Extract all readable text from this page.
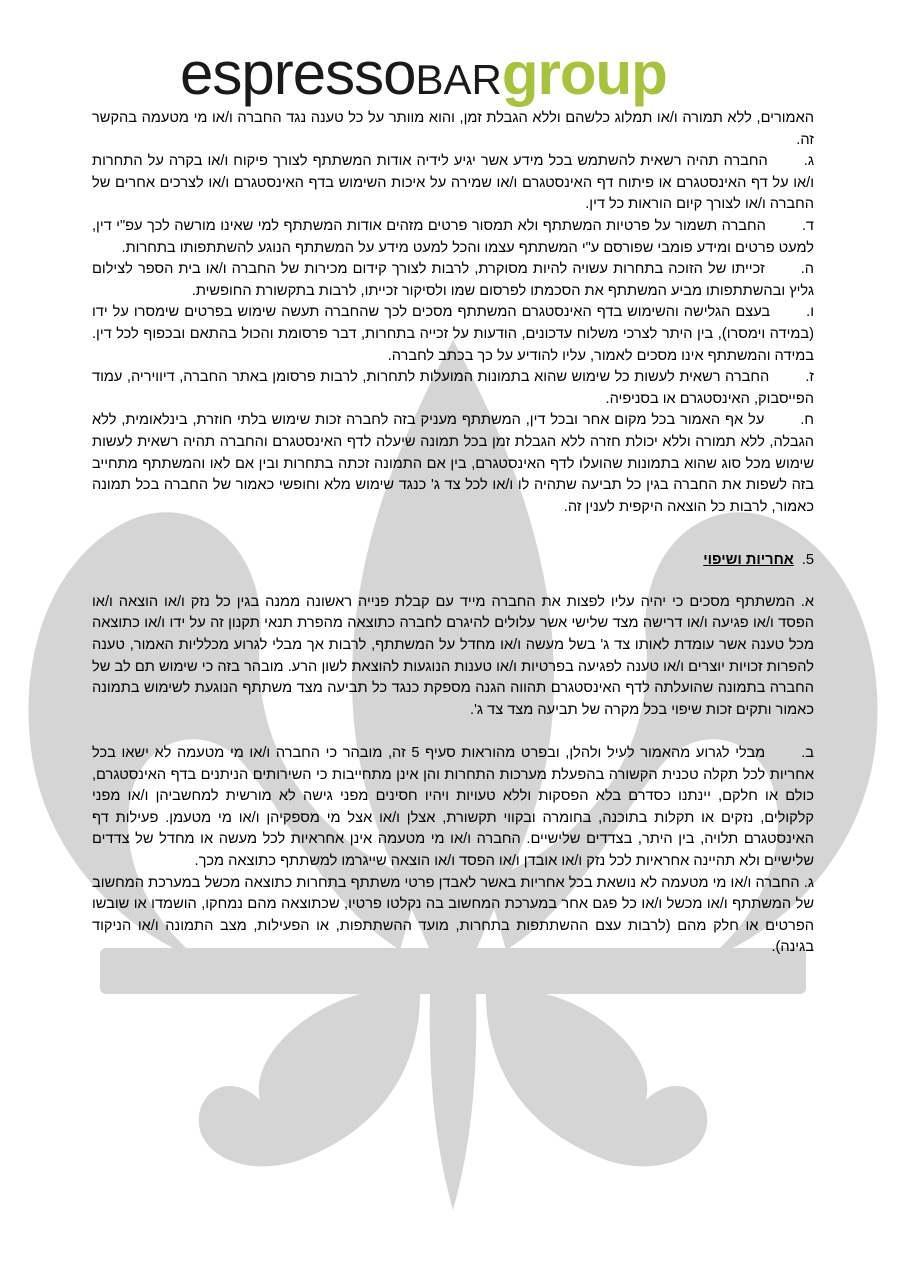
espressoBARgroup

האמורים, ללא תמורה ו/או תמלוג כלשהם וללא הגבלת זמן, והוא מוותר על כל טענה נגד החברה ו/או מי מטעמה בהקשר זה.

ג.החברה תהיה רשאית להשתמש בכל מידע אשר יגיע לידיה אודות המשתתף לצורך פיקוח ו/או בקרה על התחרות ו/או על דף האינסטגרם או פיתוח דף האינסטגרם ו/או שמירה על איכות השימוש בדף האינסטגרם ו/או לצרכים אחרים של החברה ו/או לצורך קיום הוראות כל דין.

ד.החברה תשמור על פרטיות המשתתף ולא תמסור פרטים מזהים אודות המשתתף למי שאינו מורשה לכך עפ"י דין, למעט פרטים ומידע פומבי שפורסם ע"י המשתתף עצמו והכל למעט מידע על המשתתף הנוגע להשתתפותו בתחרות.

ה.זכייתו של הזוכה בתחרות עשויה להיות מסוקרת, לרבות לצורך קידום מכירות של החברה ו/או בית הספר לצילום גליץ ובהשתתפותו מביע המשתתף את הסכמתו לפרסום שמו ולסיקור זכייתו, לרבות בתקשורת החופשית.

ו.בעצם הגלישה והשימוש בדף האינסטגרם המשתתף מסכים לכך שהחברה תעשה שימוש בפרטים שימסרו על ידו (במידה וימסרו), בין היתר לצרכי משלוח עדכונים, הודעות על זכייה בתחרות, דבר פרסומת והכול בהתאם ובכפוף לכל דין. במידה והמשתתף אינו מסכים לאמור, עליו להודיע על כך בכתב לחברה.

ז.החברה רשאית לעשות כל שימוש שהוא בתמונות המועלות לתחרות, לרבות פרסומן באתר החברה, דיוויריה, עמוד הפייסבוק, האינסטגרם או בסניפיה.

ח.על אף האמור בכל מקום אחר ובכל דין, המשתתף מעניק בזה לחברה זכות שימוש בלתי חוזרת, בינלאומית, ללא הגבלה, ללא תמורה וללא יכולת חזרה ללא הגבלת זמן בכל תמונה שיעלה לדף האינסטגרם והחברה תהיה רשאית לעשות שימוש מכל סוג שהוא בתמונות שהועלו לדף האינסטגרם, בין אם התמונה זכתה בתחרות ובין אם לאו והמשתתף מתחייב בזה לשפות את החברה בגין כל תביעה שתהיה לו ו/או לכל צד ג' כנגד שימוש מלא וחופשי כאמור של החברה בכל תמונה כאמור, לרבות כל הוצאה היקפית לענין זה.

5. אחריות ושיפוי

א. המשתתף מסכים כי יהיה עליו לפצות את החברה מייד עם קבלת פנייה ראשונה ממנה בגין כל נזק ו/או הוצאה ו/או הפסד ו/או פגיעה ו/או דרישה מצד שלישי אשר עלולים להיגרם לחברה כתוצאה מהפרת תנאי תקנון זה על ידו ו/או כתוצאה מכל טענה אשר עומדת לאותו צד ג' בשל מעשה ו/או מחדל על המשתתף, לרבות אך מבלי לגרוע מכלליות האמור, טענה להפרות זכויות יוצרים ו/או טענה לפגיעה בפרטיות ו/או טענות הנוגעות להוצאת לשון הרע. מובהר בזה כי שימוש תם לב של החברה בתמונה שהועלתה לדף האינסטגרם תהווה הגנה מספקת כנגד כל תביעה מצד משתתף הנוגעת לשימוש בתמונה כאמור ותקים זכות שיפוי בכל מקרה של תביעה מצד צד ג'.

ב.מבלי לגרוע מהאמור לעיל ולהלן, ובפרט מהוראות סעיף 5 זה, מובהר כי החברה ו/או מי מטעמה לא ישאו בכל אחריות לכל תקלה טכנית הקשורה בהפעלת מערכות התחרות והן אינן מתחייבות כי השירותים הניתנים בדף האינסטגרם, כולם או חלקם, יינתנו כסדרם בלא הפסקות וללא טעויות ויהיו חסינים מפני גישה לא מורשית למחשביהן ו/או מפני קלקולים, נזקים או תקלות בתוכנה, בחומרה ובקווי תקשורת, אצלן ו/או אצל מי מספקיהן ו/או מי מטעמן. פעילות דף האינסטגרם תלויה, בין היתר, בצדדים שלישיים. החברה ו/או מי מטעמה אינן אחראיות לכל מעשה או מחדל של צדדים שלישיים ולא תהיינה אחראיות לכל נזק ו/או אובדן ו/או הפסד ו/או הוצאה שייגרמו למשתתף כתוצאה מכך.

ג. החברה ו/או מי מטעמה לא נושאת בכל אחריות באשר לאבדן פרטי משתתף בתחרות כתוצאה מכשל במערכת המחשוב של המשתתף ו/או מכשל ו/או כל פגם אחר במערכת המחשוב בה נקלטו פרטיו, שכתוצאה מהם נמחקו, הושמדו או שובשו הפרטים או חלק מהם (לרבות עצם ההשתתפות בתחרות, מועד ההשתתפות, או הפעילות, מצב התמונה ו/או הניקוד בגינה).
